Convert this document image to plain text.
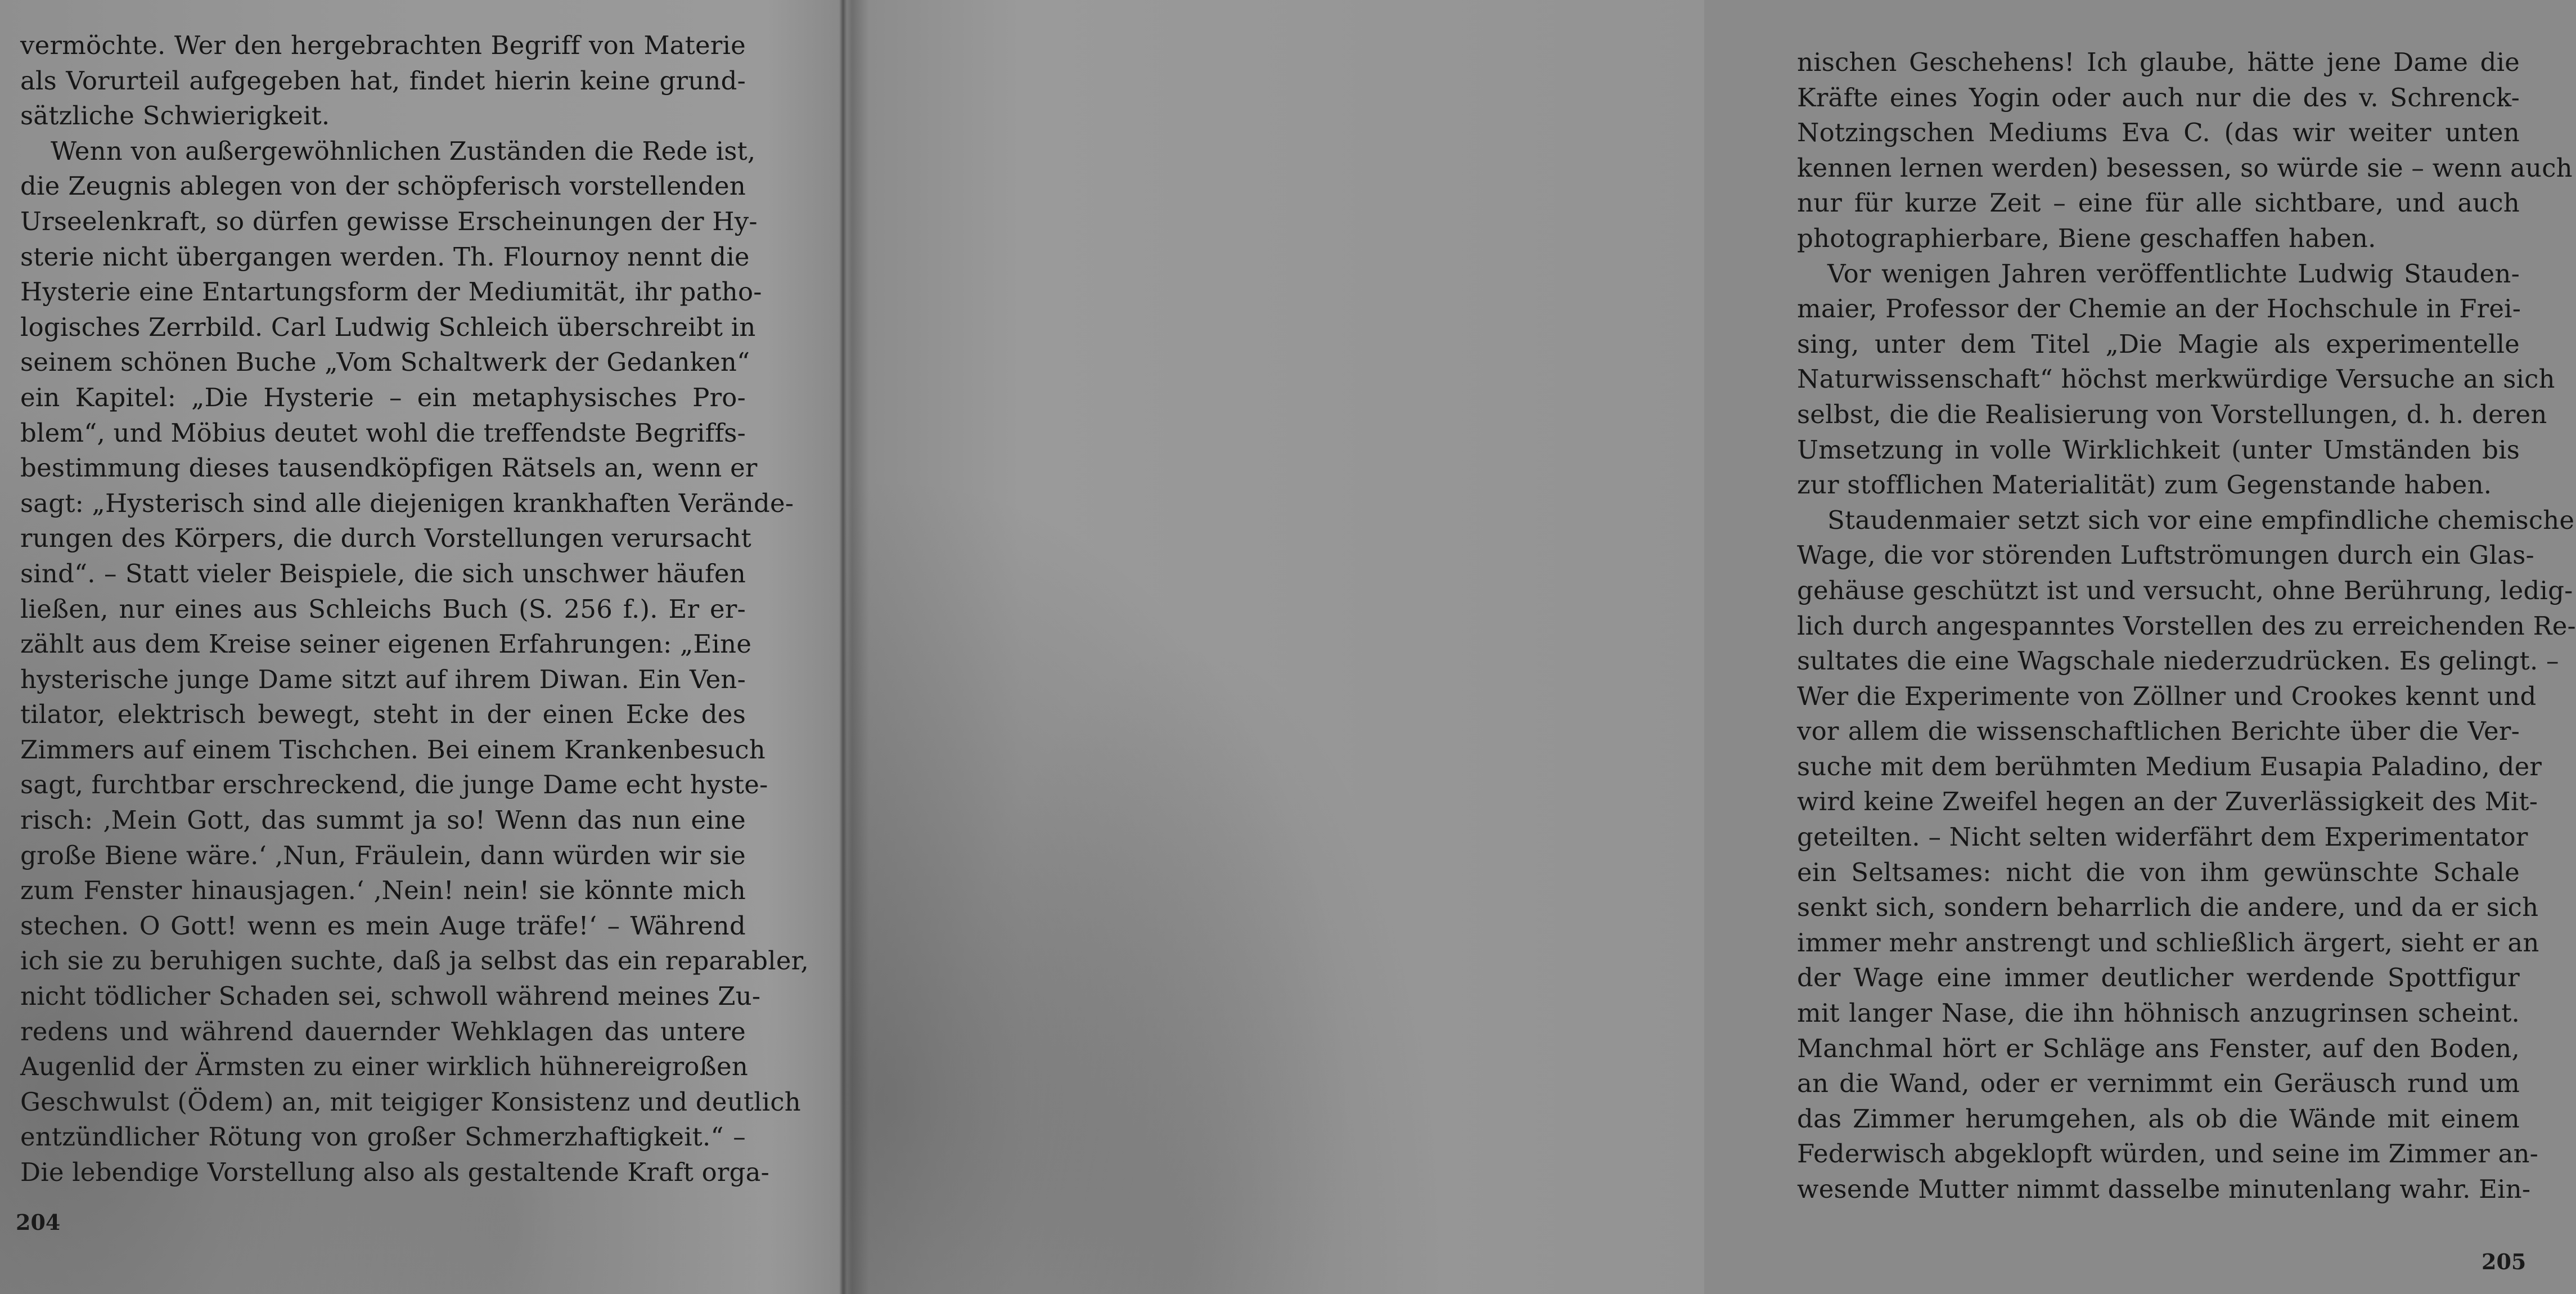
vermöchte. Wer den hergebrachten Begriff von Materie

als Vorurteil aufgegeben hat, findet hierin keine grund-

sätzliche Schwierigkeit.

Wenn von außergewöhnlichen Zuständen die Rede ist,

die Zeugnis ablegen von der schöpferisch vorstellenden

Urseelenkraft, so dürfen gewisse Erscheinungen der Hy-

sterie nicht übergangen werden. Th. Flournoy nennt die

Hysterie eine Entartungsform der Mediumität, ihr patho-

logisches Zerrbild. Carl Ludwig Schleich überschreibt in

seinem schönen Buche „Vom Schaltwerk der Gedanken“

ein Kapitel: „Die Hysterie – ein metaphysisches Pro-

blem“, und Möbius deutet wohl die treffendste Begriffs-

bestimmung dieses tausendköpfigen Rätsels an, wenn er

sagt: „Hysterisch sind alle diejenigen krankhaften Verände-

rungen des Körpers, die durch Vorstellungen verursacht

sind“. – Statt vieler Beispiele, die sich unschwer häufen

ließen, nur eines aus Schleichs Buch (S. 256 f.). Er er-

zählt aus dem Kreise seiner eigenen Erfahrungen: „Eine

hysterische junge Dame sitzt auf ihrem Diwan. Ein Ven-

tilator, elektrisch bewegt, steht in der einen Ecke des

Zimmers auf einem Tischchen. Bei einem Krankenbesuch

sagt, furchtbar erschreckend, die junge Dame echt hyste-

risch: ‚Mein Gott, das summt ja so! Wenn das nun eine

große Biene wäre.‘ ‚Nun, Fräulein, dann würden wir sie

zum Fenster hinausjagen.‘ ‚Nein! nein! sie könnte mich

stechen. O Gott! wenn es mein Auge träfe!‘ – Während

ich sie zu beruhigen suchte, daß ja selbst das ein reparabler,

nicht tödlicher Schaden sei, schwoll während meines Zu-

redens und während dauernder Wehklagen das untere

Augenlid der Ärmsten zu einer wirklich hühnereigroßen

Geschwulst (Ödem) an, mit teigiger Konsistenz und deutlich

entzündlicher Rötung von großer Schmerzhaftigkeit.“ –

Die lebendige Vorstellung also als gestaltende Kraft orga-

204

nischen Geschehens! Ich glaube, hätte jene Dame die

Kräfte eines Yogin oder auch nur die des v. Schrenck-

Notzingschen Mediums Eva C. (das wir weiter unten

kennen lernen werden) besessen, so würde sie – wenn auch

nur für kurze Zeit – eine für alle sichtbare, und auch

photographierbare, Biene geschaffen haben.

Vor wenigen Jahren veröffentlichte Ludwig Stauden-

maier, Professor der Chemie an der Hochschule in Frei-

sing, unter dem Titel „Die Magie als experimentelle

Naturwissenschaft“ höchst merkwürdige Versuche an sich

selbst, die die Realisierung von Vorstellungen, d. h. deren

Umsetzung in volle Wirklichkeit (unter Umständen bis

zur stofflichen Materialität) zum Gegenstande haben.

Staudenmaier setzt sich vor eine empfindliche chemische

Wage, die vor störenden Luftströmungen durch ein Glas-

gehäuse geschützt ist und versucht, ohne Berührung, ledig-

lich durch angespanntes Vorstellen des zu erreichenden Re-

sultates die eine Wagschale niederzudrücken. Es gelingt. –

Wer die Experimente von Zöllner und Crookes kennt und

vor allem die wissenschaftlichen Berichte über die Ver-

suche mit dem berühmten Medium Eusapia Paladino, der

wird keine Zweifel hegen an der Zuverlässigkeit des Mit-

geteilten. – Nicht selten widerfährt dem Experimentator

ein Seltsames: nicht die von ihm gewünschte Schale

senkt sich, sondern beharrlich die andere, und da er sich

immer mehr anstrengt und schließlich ärgert, sieht er an

der Wage eine immer deutlicher werdende Spottfigur

mit langer Nase, die ihn höhnisch anzugrinsen scheint.

Manchmal hört er Schläge ans Fenster, auf den Boden,

an die Wand, oder er vernimmt ein Geräusch rund um

das Zimmer herumgehen, als ob die Wände mit einem

Federwisch abgeklopft würden, und seine im Zimmer an-

wesende Mutter nimmt dasselbe minutenlang wahr. Ein-

205
